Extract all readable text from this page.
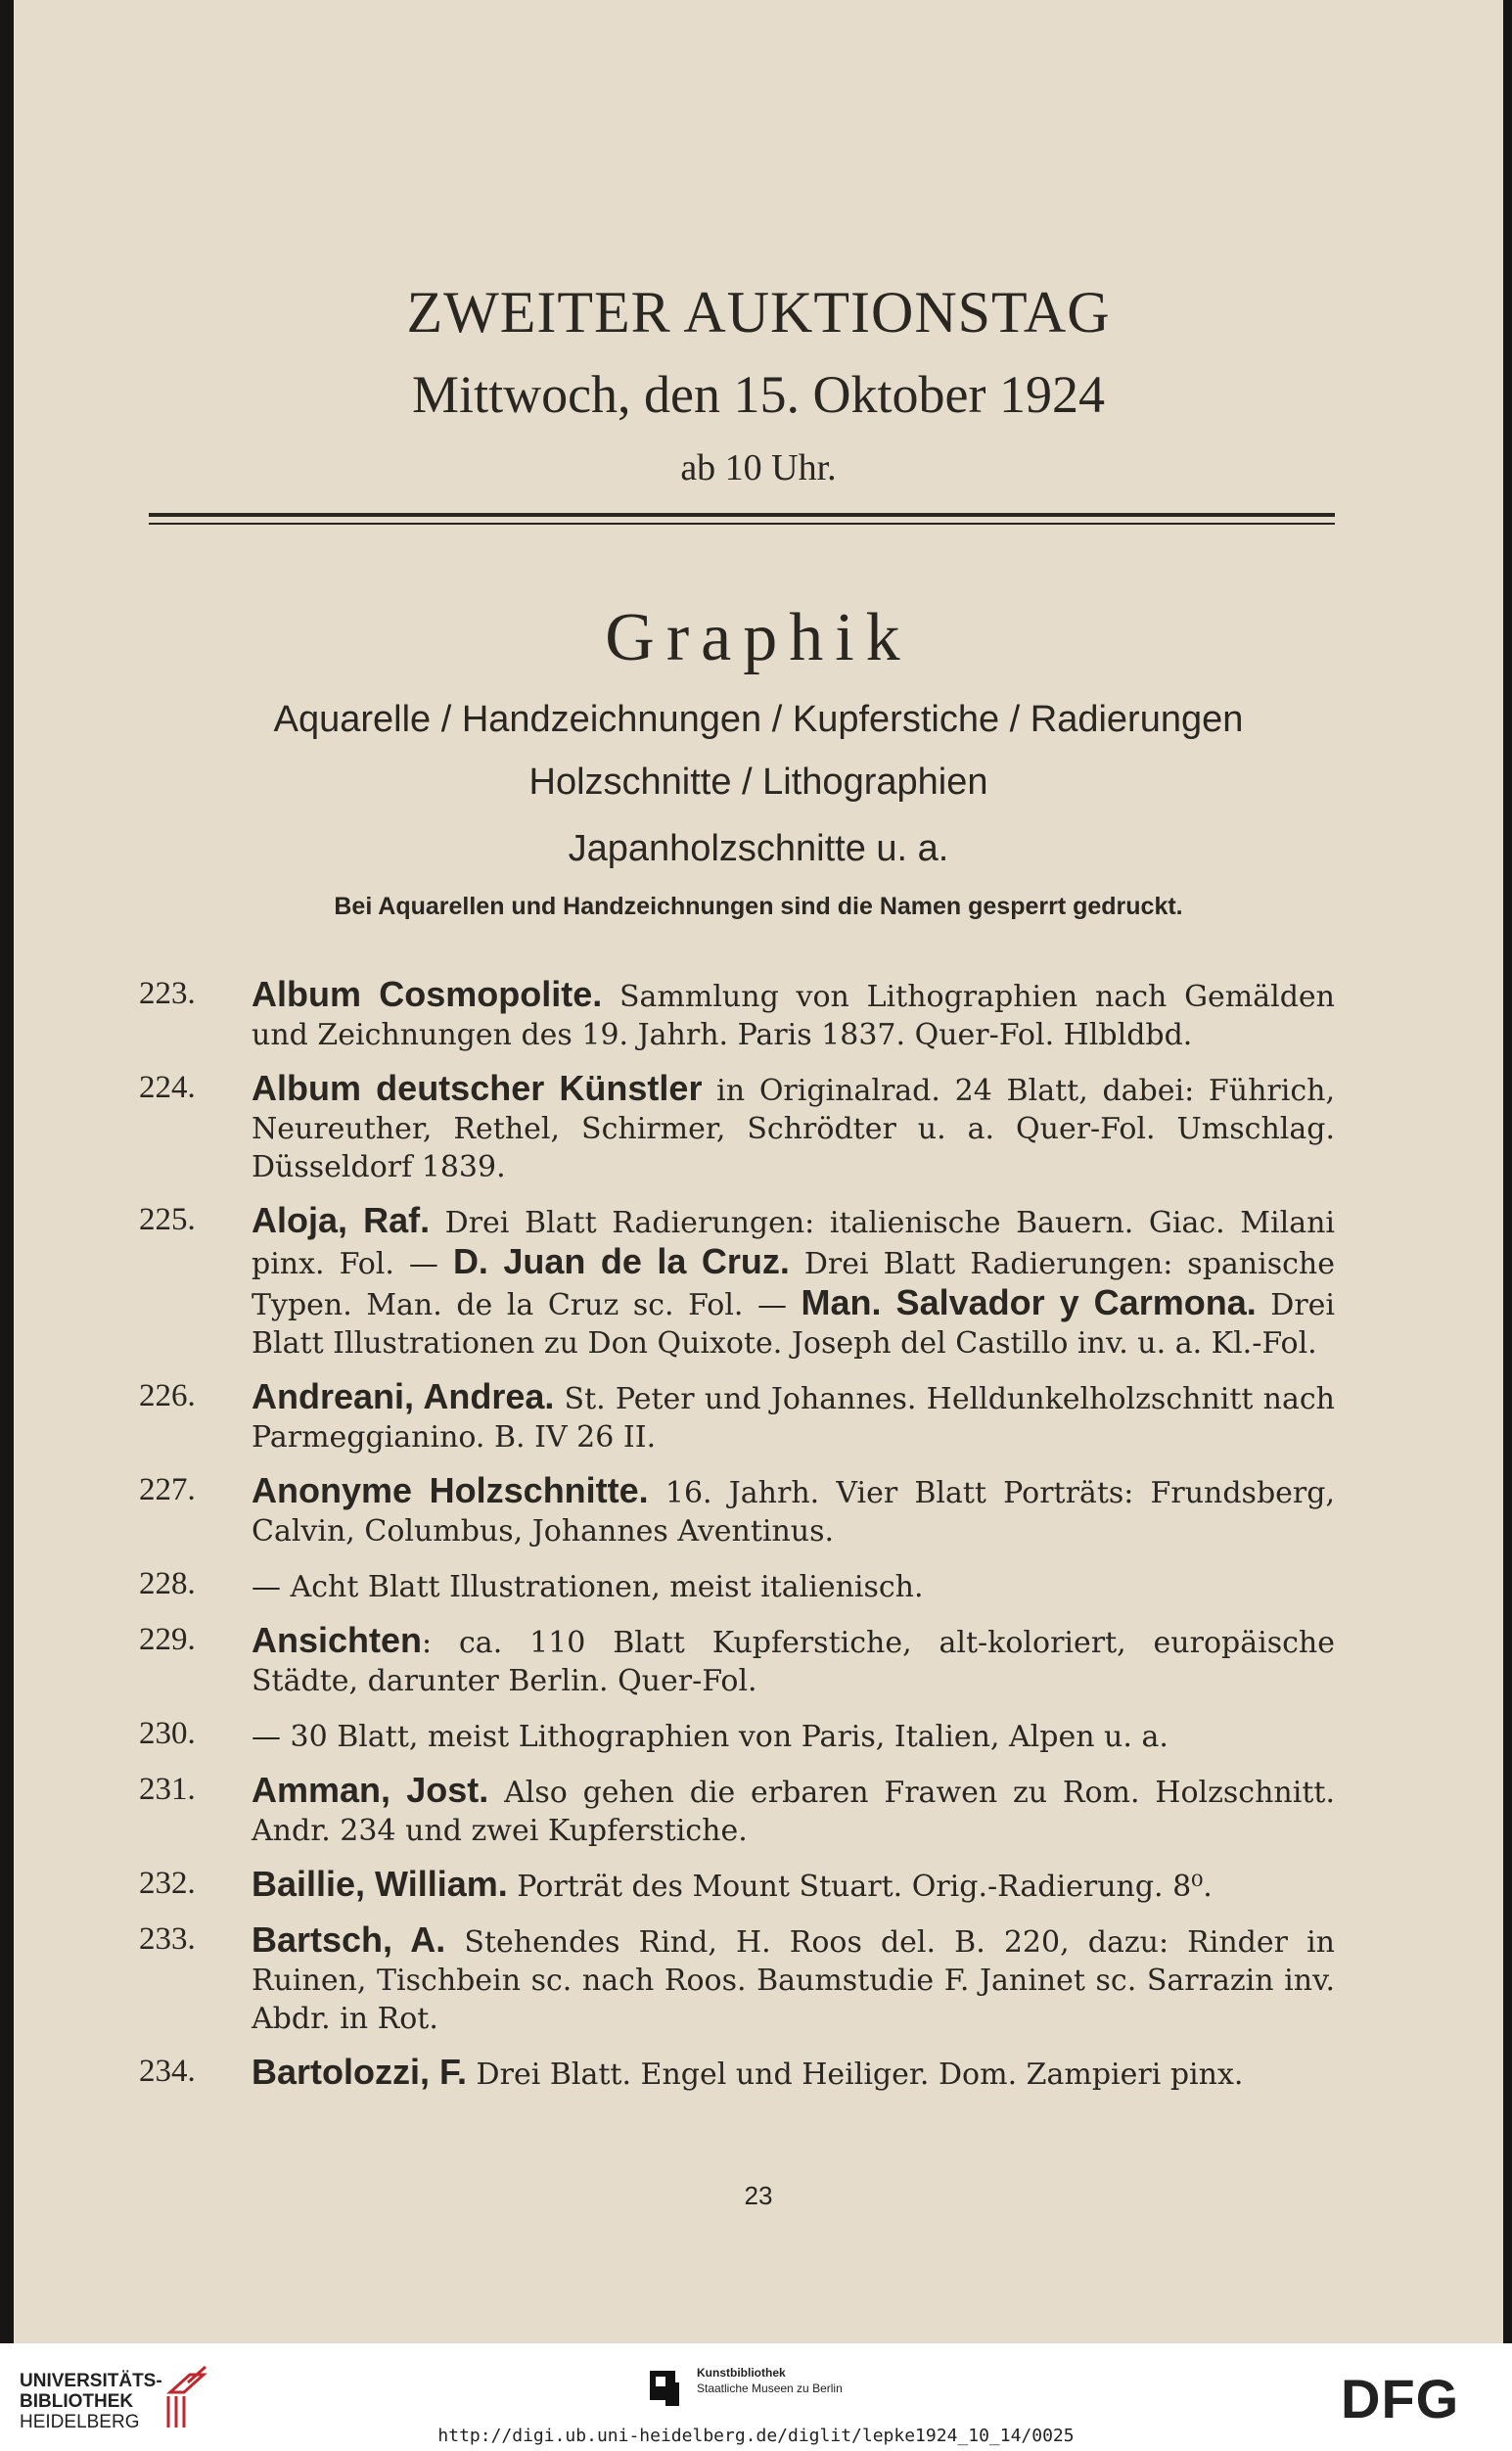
ZWEITER AUKTIONSTAG
Mittwoch, den 15. Oktober 1924
ab 10 Uhr.
Graphik
Aquarelle / Handzeichnungen / Kupferstiche / Radierungen
Holzschnitte / Lithographien
Japanholzschnitte u. a.
Bei Aquarellen und Handzeichnungen sind die Namen gesperrt gedruckt.
223. Album Cosmopolite. Sammlung von Lithographien nach Gemälden und Zeichnungen des 19. Jahrh. Paris 1837. Quer-Fol. Hlbldbd.
224. Album deutscher Künstler in Originalrad. 24 Blatt, dabei: Führich, Neureuther, Rethel, Schirmer, Schrödter u. a. Quer-Fol. Umschlag. Düsseldorf 1839.
225. Aloja, Raf. Drei Blatt Radierungen: italienische Bauern. Giac. Milani pinx. Fol. — D. Juan de la Cruz. Drei Blatt Radierungen: spanische Typen. Man. de la Cruz sc. Fol. — Man. Salvador y Carmona. Drei Blatt Illustrationen zu Don Quixote. Joseph del Castillo inv. u. a. Kl.-Fol.
226. Andreani, Andrea. St. Peter und Johannes. Helldunkelholzschnitt nach Parmeggianino. B. IV 26 II.
227. Anonyme Holzschnitte. 16. Jahrh. Vier Blatt Porträts: Frundsberg, Calvin, Columbus, Johannes Aventinus.
228. — Acht Blatt Illustrationen, meist italienisch.
229. Ansichten: ca. 110 Blatt Kupferstiche, alt-koloriert, europäische Städte, darunter Berlin. Quer-Fol.
230. — 30 Blatt, meist Lithographien von Paris, Italien, Alpen u. a.
231. Amman, Jost. Also gehen die erbaren Frawen zu Rom. Holzschnitt. Andr. 234 und zwei Kupferstiche.
232. Baillie, William. Porträt des Mount Stuart. Orig.-Radierung. 8⁰.
233. Bartsch, A. Stehendes Rind, H. Roos del. B. 220, dazu: Rinder in Ruinen, Tischbein sc. nach Roos. Baumstudie F. Janinet sc. Sarrazin inv. Abdr. in Rot.
234. Bartolozzi, F. Drei Blatt. Engel und Heiliger. Dom. Zampieri pinx.
23
UNIVERSITÄTS-
BIBLIOTHEK
HEIDELBERG
Kunstbibliothek
Staatliche Museen zu Berlin	DFG
http://digi.ub.uni-heidelberg.de/diglit/lepke1924_10_14/0025
